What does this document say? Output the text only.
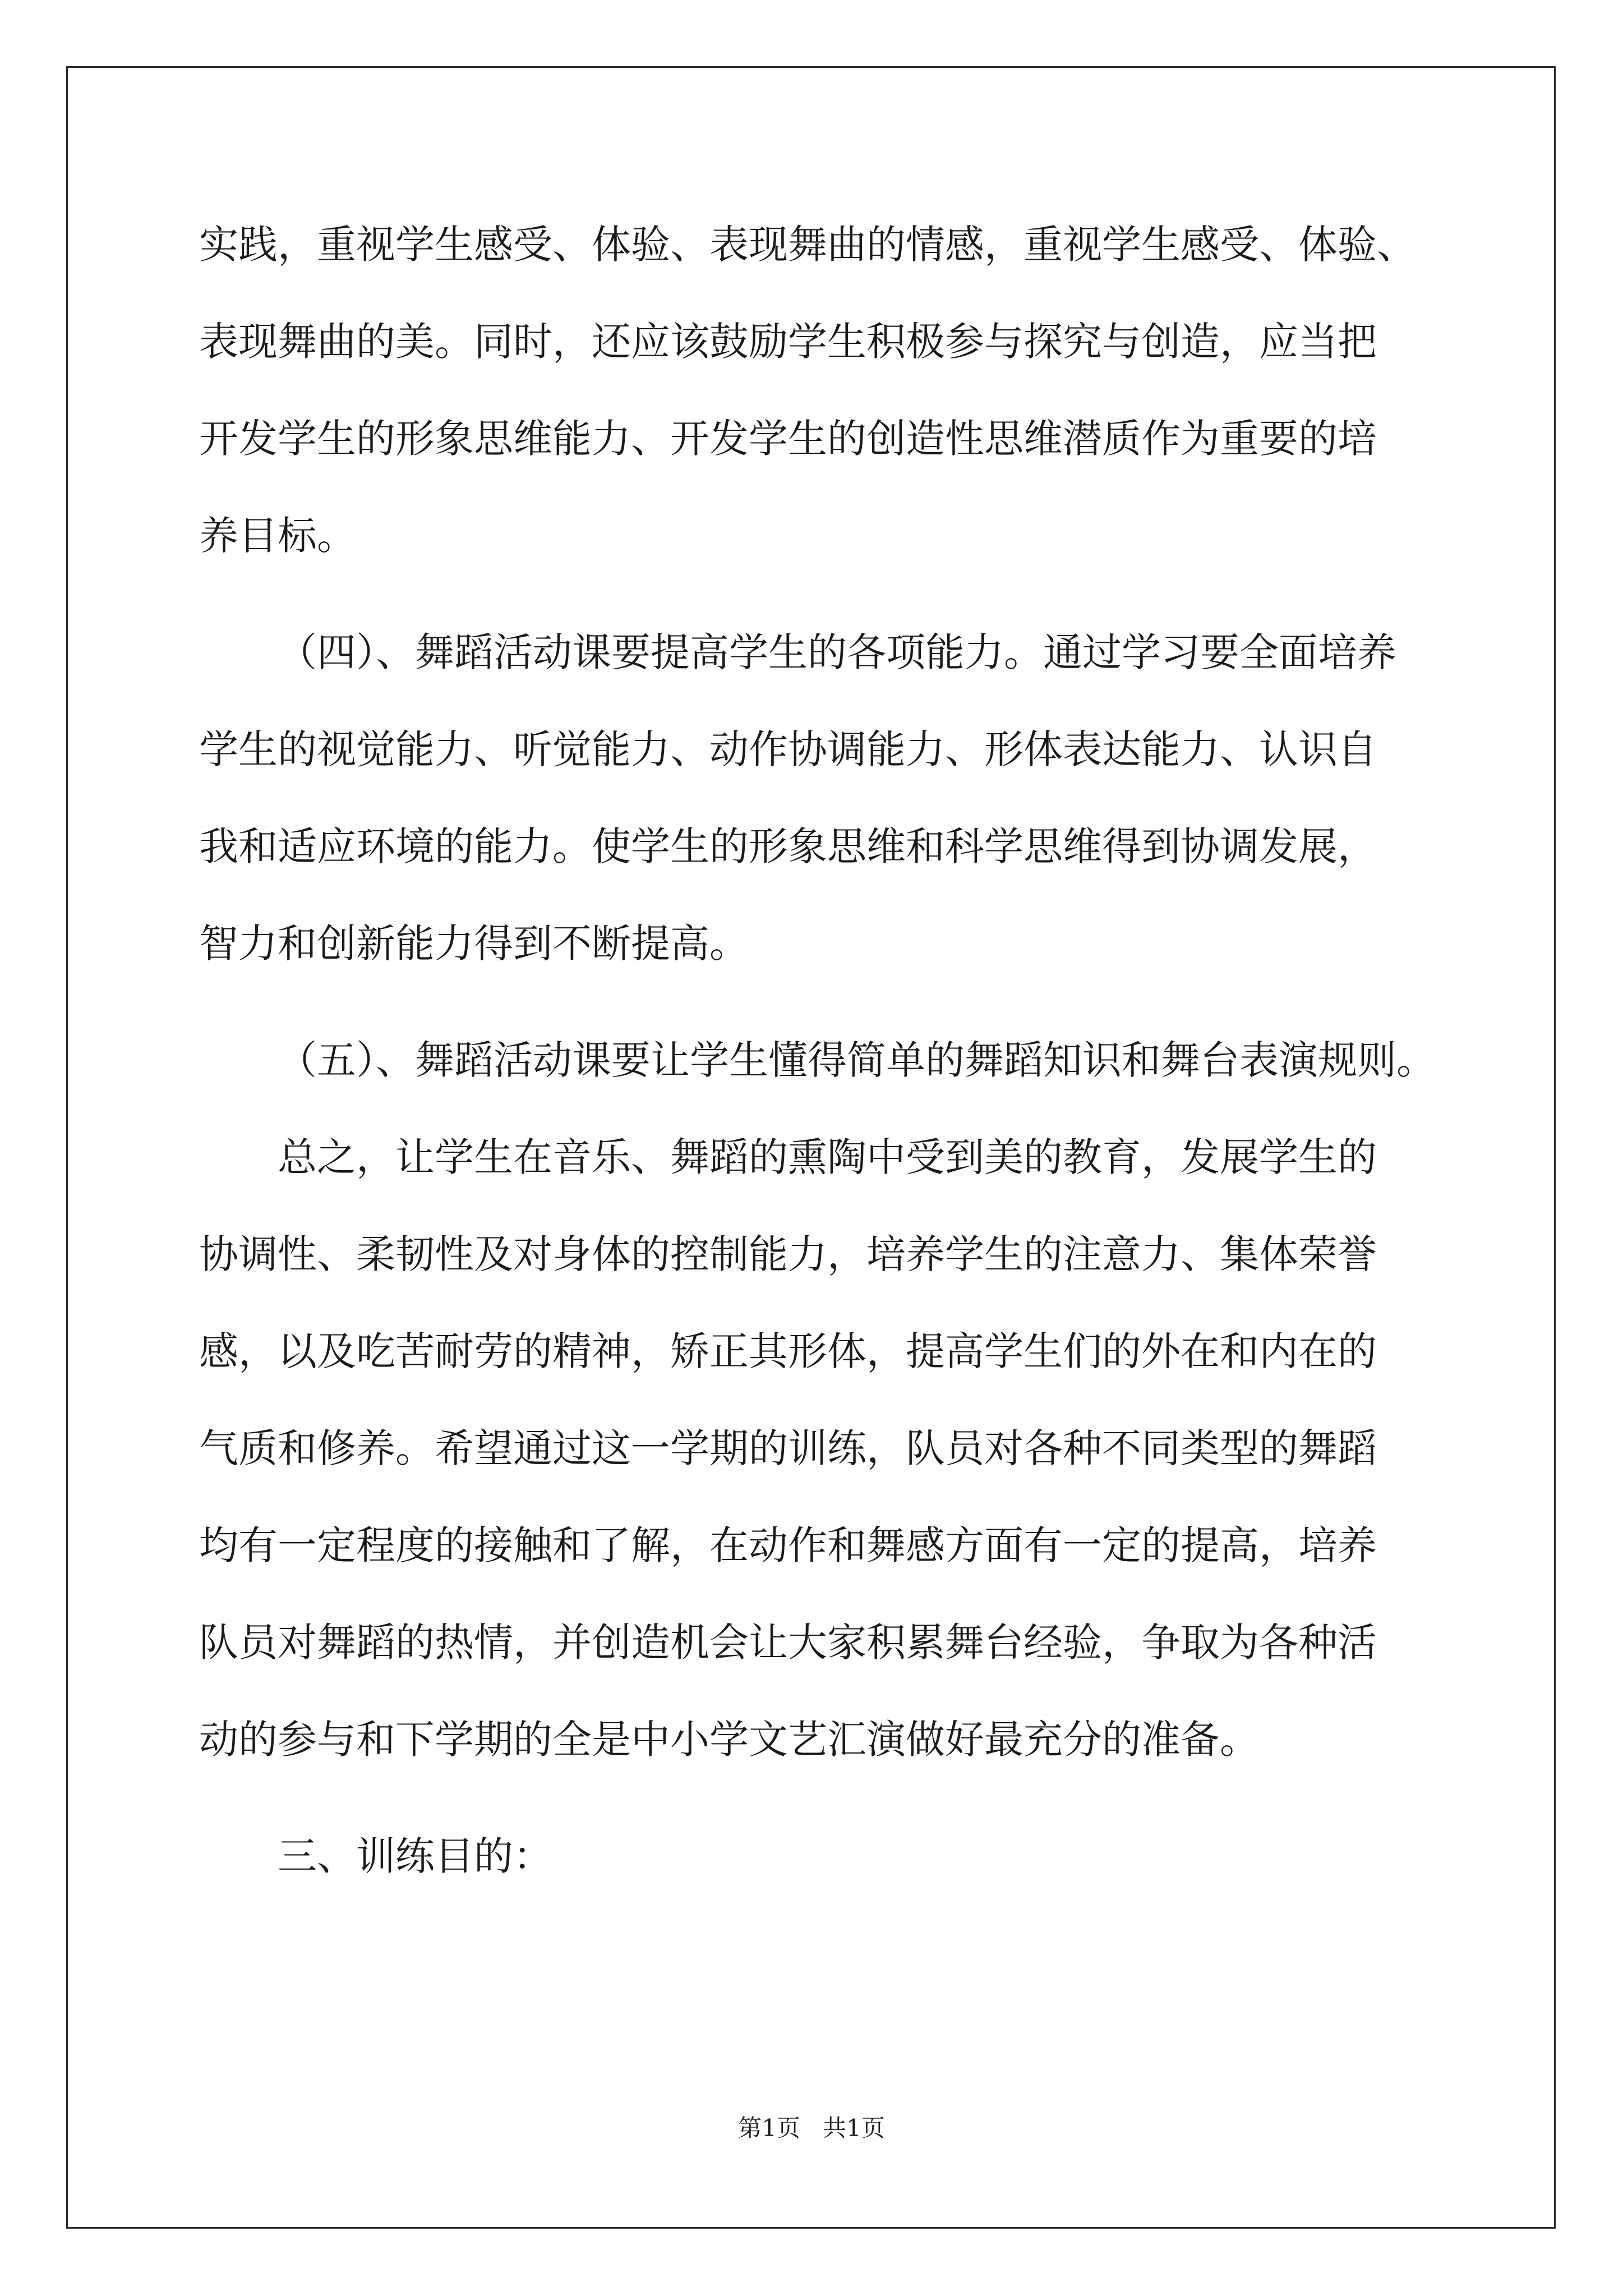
实践，重视学生感受、体验、表现舞曲的情感，重视学生感受、体验、
表现舞曲的美。同时，还应该鼓励学生积极参与探究与创造，应当把
开发学生的形象思维能力、开发学生的创造性思维潜质作为重要的培
养目标。
（四）、舞蹈活动课要提高学生的各项能力。通过学习要全面培养
学生的视觉能力、听觉能力、动作协调能力、形体表达能力、认识自
我和适应环境的能力。使学生的形象思维和科学思维得到协调发展，
智力和创新能力得到不断提高。
（五）、舞蹈活动课要让学生懂得简单的舞蹈知识和舞台表演规则。
总之，让学生在音乐、舞蹈的熏陶中受到美的教育，发展学生的
协调性、柔韧性及对身体的控制能力，培养学生的注意力、集体荣誉
感，以及吃苦耐劳的精神，矫正其形体，提高学生们的外在和内在的
气质和修养。希望通过这一学期的训练，队员对各种不同类型的舞蹈
均有一定程度的接触和了解，在动作和舞感方面有一定的提高，培养
队员对舞蹈的热情，并创造机会让大家积累舞台经验，争取为各种活
动的参与和下学期的全是中小学文艺汇演做好最充分的准备。
三、训练目的：
第1页   共1页
